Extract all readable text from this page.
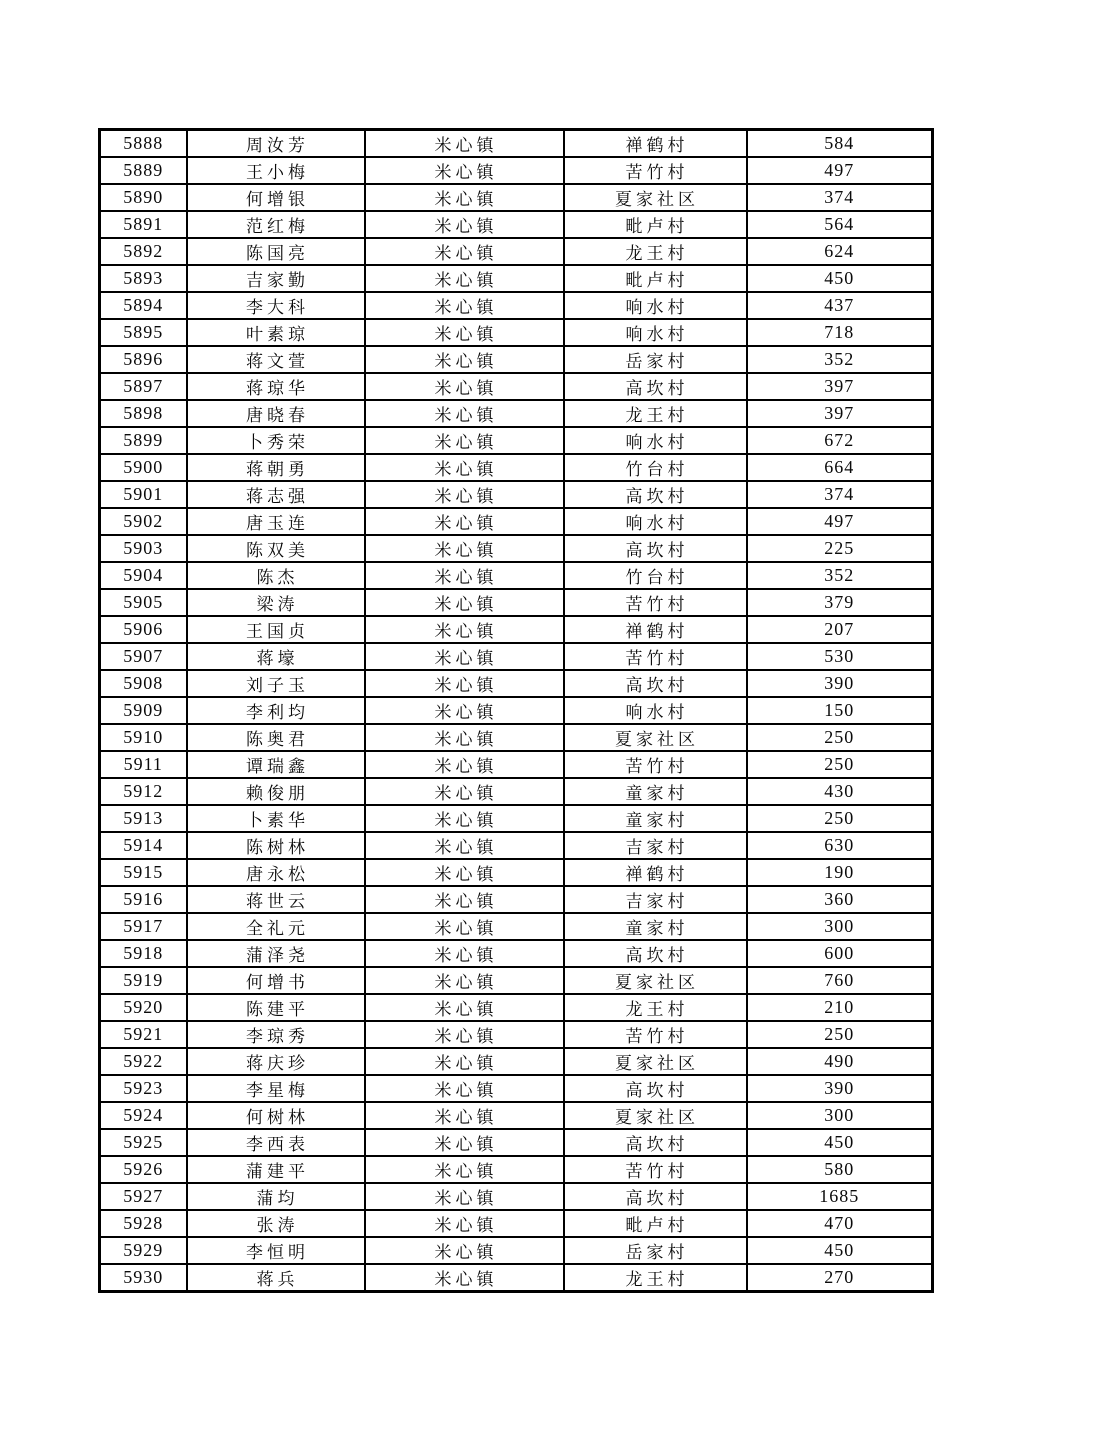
5888	周汝芳	米心镇	禅鹤村	584
5889	王小梅	米心镇	苦竹村	497
5890	何增银	米心镇	夏家社区	374
5891	范红梅	米心镇	毗卢村	564
5892	陈国亮	米心镇	龙王村	624
5893	吉家勤	米心镇	毗卢村	450
5894	李大科	米心镇	响水村	437
5895	叶素琼	米心镇	响水村	718
5896	蒋文萱	米心镇	岳家村	352
5897	蒋琼华	米心镇	高坎村	397
5898	唐晓春	米心镇	龙王村	397
5899	卜秀荣	米心镇	响水村	672
5900	蒋朝勇	米心镇	竹台村	664
5901	蒋志强	米心镇	高坎村	374
5902	唐玉连	米心镇	响水村	497
5903	陈双美	米心镇	高坎村	225
5904	陈杰	米心镇	竹台村	352
5905	梁涛	米心镇	苦竹村	379
5906	王国贞	米心镇	禅鹤村	207
5907	蒋壕	米心镇	苦竹村	530
5908	刘子玉	米心镇	高坎村	390
5909	李利均	米心镇	响水村	150
5910	陈奥君	米心镇	夏家社区	250
5911	谭瑞鑫	米心镇	苦竹村	250
5912	赖俊朋	米心镇	童家村	430
5913	卜素华	米心镇	童家村	250
5914	陈树林	米心镇	吉家村	630
5915	唐永松	米心镇	禅鹤村	190
5916	蒋世云	米心镇	吉家村	360
5917	全礼元	米心镇	童家村	300
5918	蒲泽尧	米心镇	高坎村	600
5919	何增书	米心镇	夏家社区	760
5920	陈建平	米心镇	龙王村	210
5921	李琼秀	米心镇	苦竹村	250
5922	蒋庆珍	米心镇	夏家社区	490
5923	李星梅	米心镇	高坎村	390
5924	何树林	米心镇	夏家社区	300
5925	李西表	米心镇	高坎村	450
5926	蒲建平	米心镇	苦竹村	580
5927	蒲均	米心镇	高坎村	1685
5928	张涛	米心镇	毗卢村	470
5929	李恒明	米心镇	岳家村	450
5930	蒋兵	米心镇	龙王村	270
